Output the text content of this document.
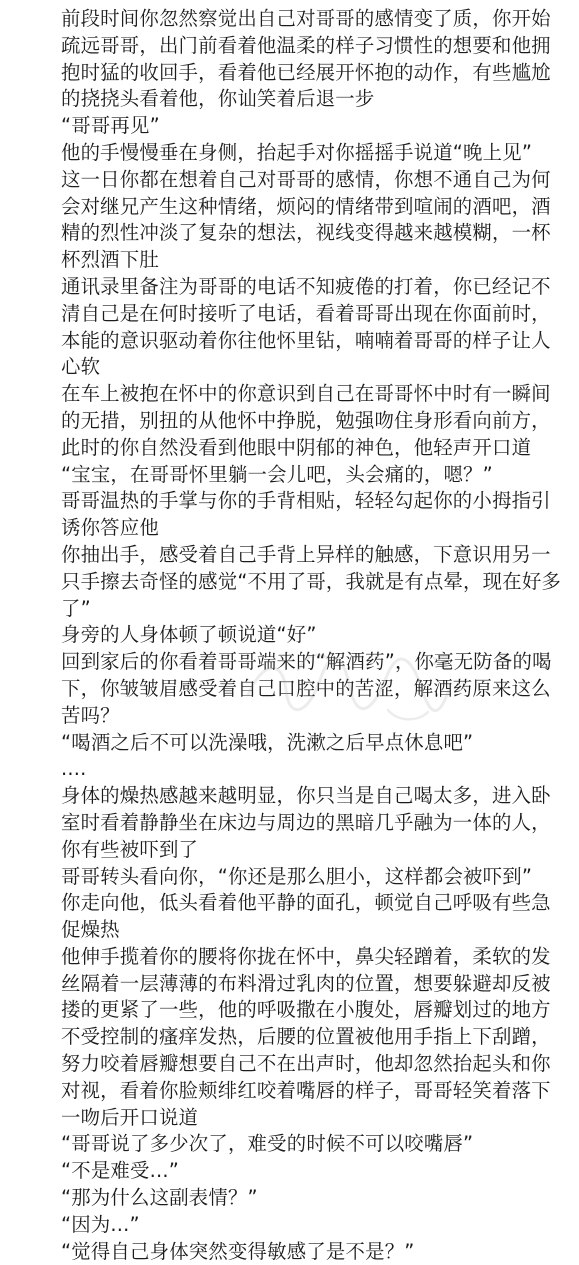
前段时间你忽然察觉出自己对哥哥的感情变了质，你开始疏远哥哥，出门前看着他温柔的样子习惯性的想要和他拥抱时猛的收回手，看着他已经展开怀抱的动作，有些尴尬的挠挠头看着他，你讪笑着后退一步

“哥哥再见”

他的手慢慢垂在身侧，抬起手对你摇摇手说道“晚上见”

这一日你都在想着自己对哥哥的感情，你想不通自己为何会对继兄产生这种情绪，烦闷的情绪带到喧闹的酒吧，酒精的烈性冲淡了复杂的想法，视线变得越来越模糊，一杯杯烈酒下肚

通讯录里备注为哥哥的电话不知疲倦的打着，你已经记不清自己是在何时接听了电话，看着哥哥出现在你面前时，本能的意识驱动着你往他怀里钻，喃喃着哥哥的样子让人心软

在车上被抱在怀中的你意识到自己在哥哥怀中时有一瞬间的无措，别扭的从他怀中挣脱，勉强吻住身形看向前方，此时的你自然没看到他眼中阴郁的神色，他轻声开口道

“宝宝，在哥哥怀里躺一会儿吧，头会痛的，嗯？”

哥哥温热的手掌与你的手背相贴，轻轻勾起你的小拇指引诱你答应他

你抽出手，感受着自己手背上异样的触感，下意识用另一只手擦去奇怪的感觉“不用了哥，我就是有点晕，现在好多了”

身旁的人身体顿了顿说道“好”

回到家后的你看着哥哥端来的“解酒药”，你毫无防备的喝下，你皱皱眉感受着自己口腔中的苦涩，解酒药原来这么苦吗？

“喝酒之后不可以洗澡哦，洗漱之后早点休息吧”

....

身体的燥热感越来越明显，你只当是自己喝太多，进入卧室时看着静静坐在床边与周边的黑暗几乎融为一体的人，你有些被吓到了

哥哥转头看向你，“你还是那么胆小，这样都会被吓到”

你走向他，低头看着他平静的面孔，顿觉自己呼吸有些急促燥热

他伸手揽着你的腰将你拢在怀中，鼻尖轻蹭着，柔软的发丝隔着一层薄薄的布料滑过乳肉的位置，想要躲避却反被搂的更紧了一些，他的呼吸撒在小腹处，唇瓣划过的地方不受控制的瘙痒发热，后腰的位置被他用手指上下刮蹭，努力咬着唇瓣想要自己不在出声时，他却忽然抬起头和你对视，看着你脸颊绯红咬着嘴唇的样子，哥哥轻笑着落下一吻后开口说道

“哥哥说了多少次了，难受的时候不可以咬嘴唇”

“不是难受...”

“那为什么这副表情？”

“因为...”

“觉得自己身体突然变得敏感了是不是？”
